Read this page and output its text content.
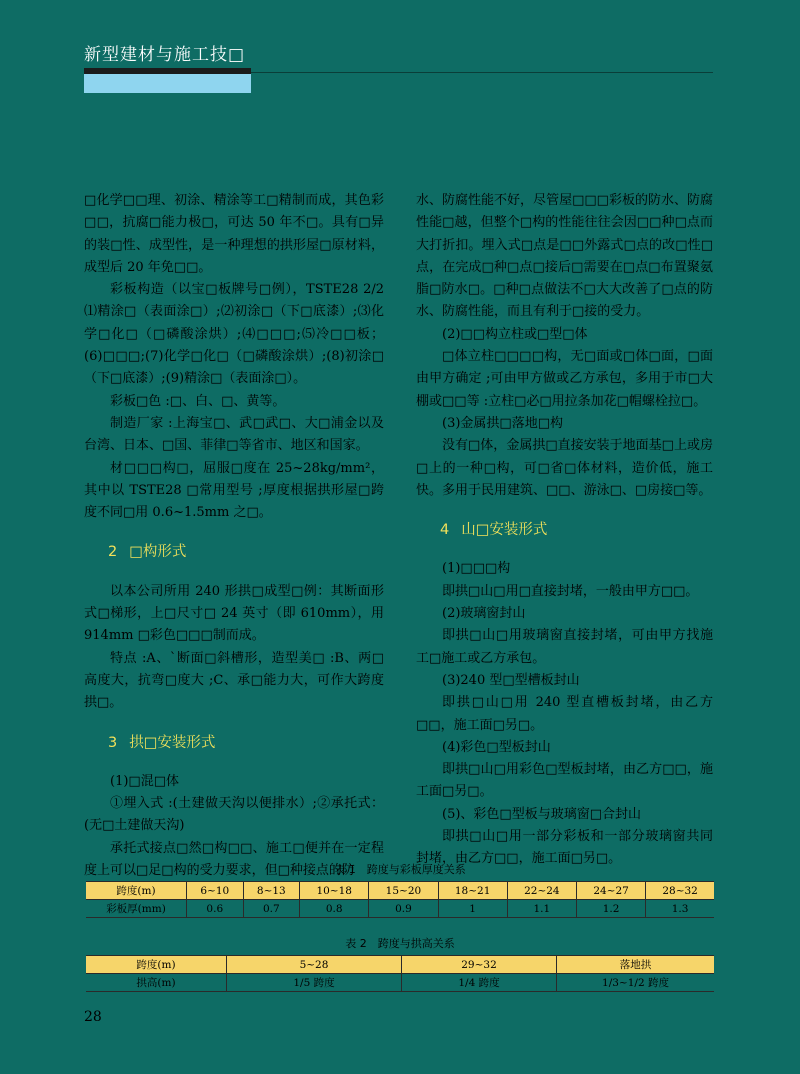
新型建材与施工技□

□化学□□理、初涂、精涂等工□精制而成，其色彩□□，抗腐□能力极□，可达 50 年不□。具有□异的装□性、成型性，是一种理想的拱形屋□原材料，成型后 20 年免□□。

彩板构造（以宝□板牌号□例），TSTE28 2/2 ⑴精涂□（表面涂□）;⑵初涂□（下□底漆）;⑶化学□化□（□磷酸涂烘）;⑷□□□;⑸冷□□板；(6)□□□;(7)化学□化□（□磷酸涂烘）;(8)初涂□（下□底漆）;(9)精涂□（表面涂□）。

彩板□色 :□、白、□、黄等。

制造厂家 :上海宝□、武□武□、大□浦金以及台湾、日本、□国、菲律□等省市、地区和国家。

材□□□构□，屈服□度在 25~28kg/mm²，其中以 TSTE28 □常用型号 ;厚度根据拱形屋□跨度不同□用 0.6~1.5mm 之□。

2 □构形式

以本公司所用 240 形拱□成型□例：其断面形式□梯形，上□尺寸□ 24 英寸（即 610mm），用 914mm □彩色□□□制而成。

特点 :A、`断面□斜槽形，造型美□ :B、两□高度大，抗弯□度大 ;C、承□能力大，可作大跨度拱□。

3 拱□安装形式

(1)□混□体

①埋入式 :(土建做天沟以便排水）;②承托式：(无□土建做天沟)

承托式接点□然□构□□、施工□便并在一定程度上可以□足□构的受力要求，但□种接点的防

水、防腐性能不好，尽管屋□□□彩板的防水、防腐性能□越，但整个□构的性能往往会因□□种□点而大打折扣。埋入式□点是□□外露式□点的改□性□点，在完成□种□点□接后□需要在□点□布置聚氨脂□防水□。□种□点做法不□大大改善了□点的防水、防腐性能，而且有利于□接的受力。

(2)□□构立柱或□型□体

□体立柱□□□□构，无□面或□体□面，□面由甲方确定 ;可由甲方做或乙方承包，多用于市□大棚或□□等 :立柱□必□用拉条加花□帽螺栓拉□。

(3)金属拱□落地□构

没有□体，金属拱□直接安装于地面基□上或房□上的一种□构，可□省□体材料，造价低，施工快。多用于民用建筑、□□、游泳□、□房接□等。

4 山□安装形式

(1)□□□构

即拱□山□用□直接封堵，一般由甲方□□。

(2)玻璃窗封山

即拱□山□用玻璃窗直接封堵，可由甲方找施工□施工或乙方承包。

(3)240 型□型槽板封山

即拱□山□用 240 型直槽板封堵，由乙方□□，施工面□另□。

(4)彩色□型板封山

即拱□山□用彩色□型板封堵，由乙方□□，施工面□另□。

(5)、彩色□型板与玻璃窗□合封山

即拱□山□用一部分彩板和一部分玻璃窗共同封堵，由乙方□□，施工面□另□。

表 1　跨度与彩板厚度关系
跨度(m)	6~10	8~13	10~18	15~20	18~21	22~24	24~27	28~32
彩板厚(mm)	0.6	0.7	0.8	0.9	1	1.1	1.2	1.3
表 2　跨度与拱高关系
跨度(m)	5~28	29~32	落地拱
拱高(m)	1/5 跨度	1/4 跨度	1/3~1/2 跨度
28
